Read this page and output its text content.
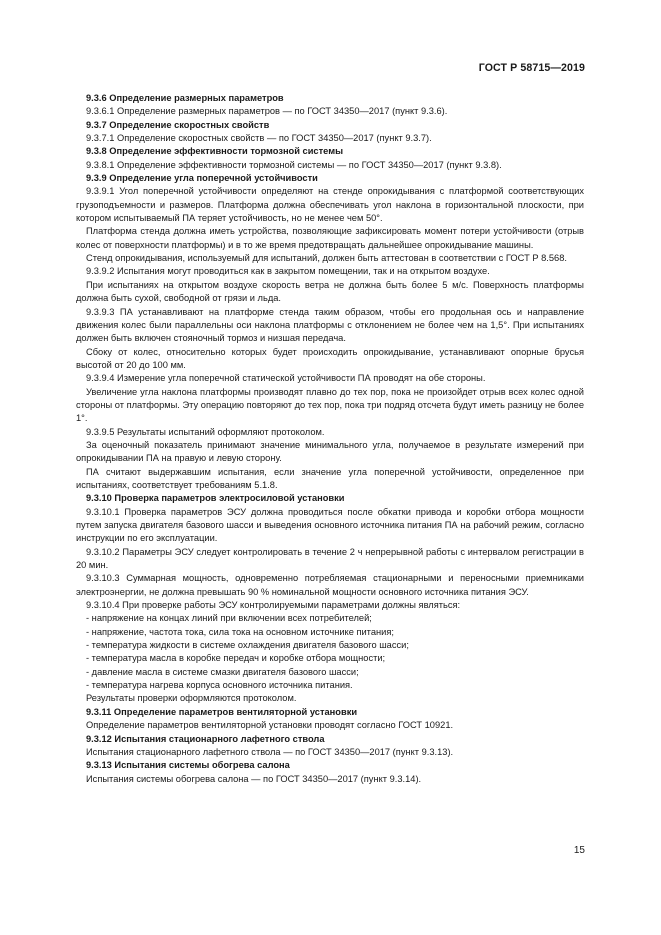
ГОСТ Р 58715—2019

9.3.6 Определение размерных параметров

9.3.6.1 Определение размерных параметров — по ГОСТ 34350—2017 (пункт 9.3.6).

9.3.7 Определение скоростных свойств

9.3.7.1 Определение скоростных свойств — по ГОСТ 34350—2017 (пункт 9.3.7).

9.3.8 Определение эффективности тормозной системы

9.3.8.1 Определение эффективности тормозной системы — по ГОСТ 34350—2017 (пункт 9.3.8).

9.3.9 Определение угла поперечной устойчивости

9.3.9.1 Угол поперечной устойчивости определяют на стенде опрокидывания с платформой соответствующих грузоподъемности и размеров. Платформа должна обеспечивать угол наклона в горизонтальной плоскости, при котором испытываемый ПА теряет устойчивость, но не менее чем 50°.

Платформа стенда должна иметь устройства, позволяющие зафиксировать момент потери устойчивости (отрыв колес от поверхности платформы) и в то же время предотвращать дальнейшее опрокидывание машины.

Стенд опрокидывания, используемый для испытаний, должен быть аттестован в соответствии с ГОСТ Р 8.568.

9.3.9.2 Испытания могут проводиться как в закрытом помещении, так и на открытом воздухе.

При испытаниях на открытом воздухе скорость ветра не должна быть более 5 м/с. Поверхность платформы должна быть сухой, свободной от грязи и льда.

9.3.9.3 ПА устанавливают на платформе стенда таким образом, чтобы его продольная ось и направление движения колес были параллельны оси наклона платформы с отклонением не более чем на 1,5°. При испытаниях должен быть включен стояночный тормоз и низшая передача.

Сбоку от колес, относительно которых будет происходить опрокидывание, устанавливают опорные брусья высотой от 20 до 100 мм.

9.3.9.4 Измерение угла поперечной статической устойчивости ПА проводят на обе стороны.

Увеличение угла наклона платформы производят плавно до тех пор, пока не произойдет отрыв всех колес одной стороны от платформы. Эту операцию повторяют до тех пор, пока три подряд отсчета будут иметь разницу не более 1°.

9.3.9.5 Результаты испытаний оформляют протоколом.

За оценочный показатель принимают значение минимального угла, получаемое в результате измерений при опрокидывании ПА на правую и левую сторону.

ПА считают выдержавшим испытания, если значение угла поперечной устойчивости, определенное при испытаниях, соответствует требованиям 5.1.8.

9.3.10 Проверка параметров электросиловой установки

9.3.10.1 Проверка параметров ЭСУ должна проводиться после обкатки привода и коробки отбора мощности путем запуска двигателя базового шасси и выведения основного источника питания ПА на рабочий режим, согласно инструкции по его эксплуатации.

9.3.10.2 Параметры ЭСУ следует контролировать в течение 2 ч непрерывной работы с интервалом регистрации в 20 мин.

9.3.10.3 Суммарная мощность, одновременно потребляемая стационарными и переносными приемниками электроэнергии, не должна превышать 90 % номинальной мощности основного источника питания ЭСУ.

9.3.10.4 При проверке работы ЭСУ контролируемыми параметрами должны являться:

- напряжение на концах линий при включении всех потребителей;

- напряжение, частота тока, сила тока на основном источнике питания;

- температура жидкости в системе охлаждения двигателя базового шасси;

- температура масла в коробке передач и коробке отбора мощности;

- давление масла в системе смазки двигателя базового шасси;

- температура нагрева корпуса основного источника питания.

Результаты проверки оформляются протоколом.

9.3.11 Определение параметров вентиляторной установки

Определение параметров вентиляторной установки проводят согласно ГОСТ 10921.

9.3.12 Испытания стационарного лафетного ствола

Испытания стационарного лафетного ствола — по ГОСТ 34350—2017 (пункт 9.3.13).

9.3.13 Испытания системы обогрева салона

Испытания системы обогрева салона — по ГОСТ 34350—2017 (пункт 9.3.14).

15
